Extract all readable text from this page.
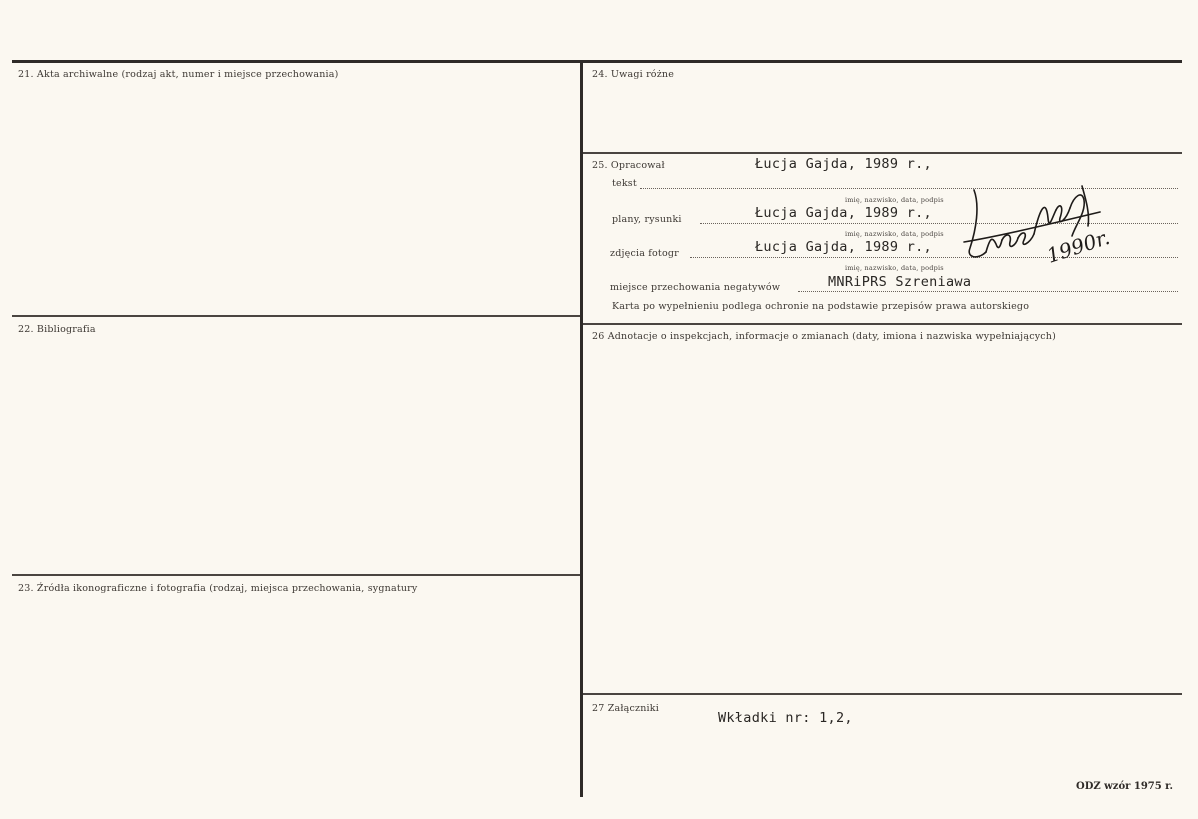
21. Akta archiwalne (rodzaj akt, numer i miejsce przechowania)
22. Bibliografia
23. Źródła ikonograficzne i fotografia (rodzaj, miejsca przechowania, sygnatury
24. Uwagi różne
25. Opracował	Łucja Gajda, 1989 r.,
tekst
imię, nazwisko, data, podpis
plany, rysunki	Łucja Gajda, 1989 r.,
imię, nazwisko, data, podpis
zdjęcia fotogr	Łucja Gajda, 1989 r.,
imię, nazwisko, data, podpis
miejsce przechowania negatywów	MNRiPRS Szreniawa
Karta po wypełnieniu podlega ochronie na podstawie przepisów prawa autorskiego
1990r.
26 Adnotacje o inspekcjach, informacje o zmianach (daty, imiona i nazwiska wypełniających)
27 Załączniki
Wkładki nr: 1,2,
ODZ wzór 1975 r.
